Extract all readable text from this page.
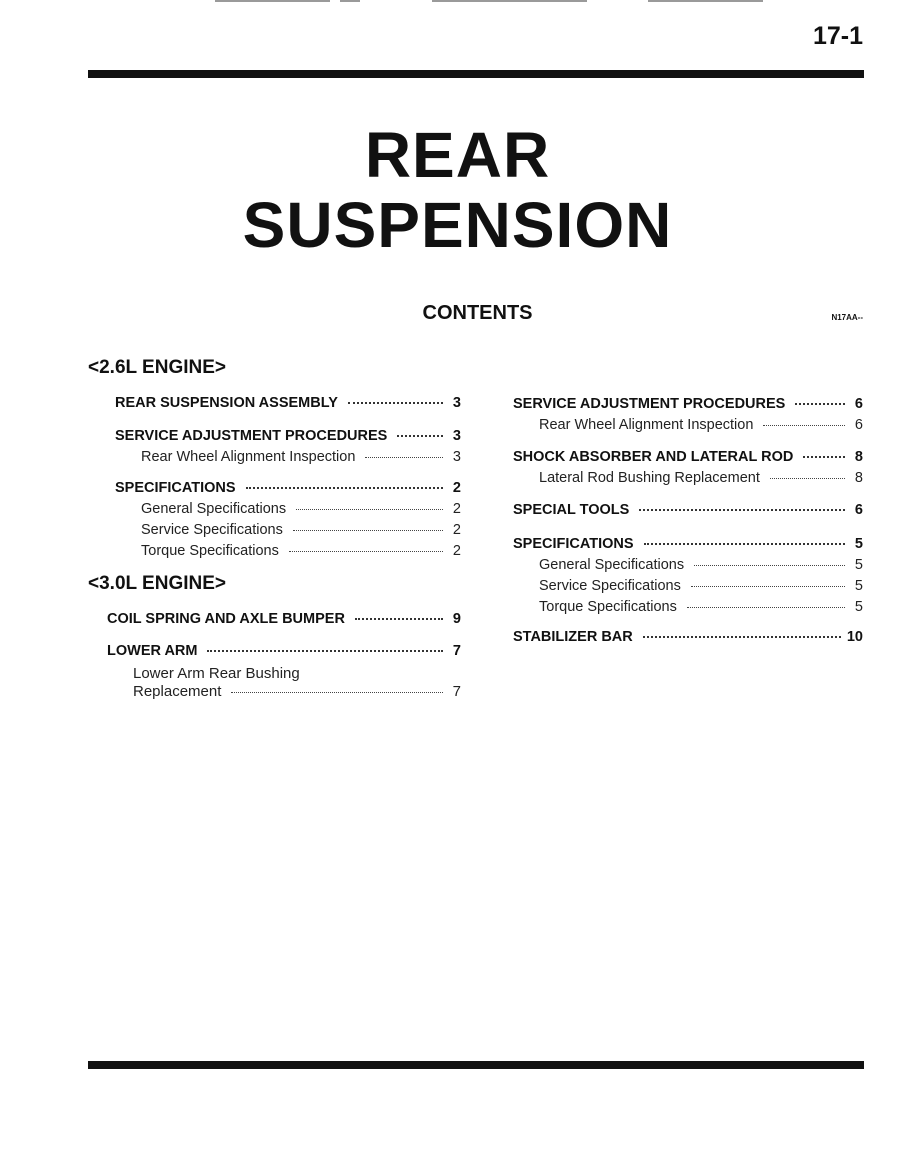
17-1
REAR
SUSPENSION
CONTENTS	N17AA--
<2.6L ENGINE>
REAR SUSPENSION ASSEMBLY	3
SERVICE ADJUSTMENT PROCEDURES	3
Rear Wheel Alignment Inspection	3
SPECIFICATIONS	2
General Specifications	2
Service Specifications	2
Torque Specifications	2
<3.0L ENGINE>
COIL SPRING AND AXLE BUMPER	9
LOWER ARM	7
Lower Arm Rear Bushing
Replacement	7
SERVICE ADJUSTMENT PROCEDURES	6
Rear Wheel Alignment Inspection	6
SHOCK ABSORBER AND LATERAL ROD	8
Lateral Rod Bushing Replacement	8
SPECIAL TOOLS	6
SPECIFICATIONS	5
General Specifications	5
Service Specifications	5
Torque Specifications	5
STABILIZER BAR	10
